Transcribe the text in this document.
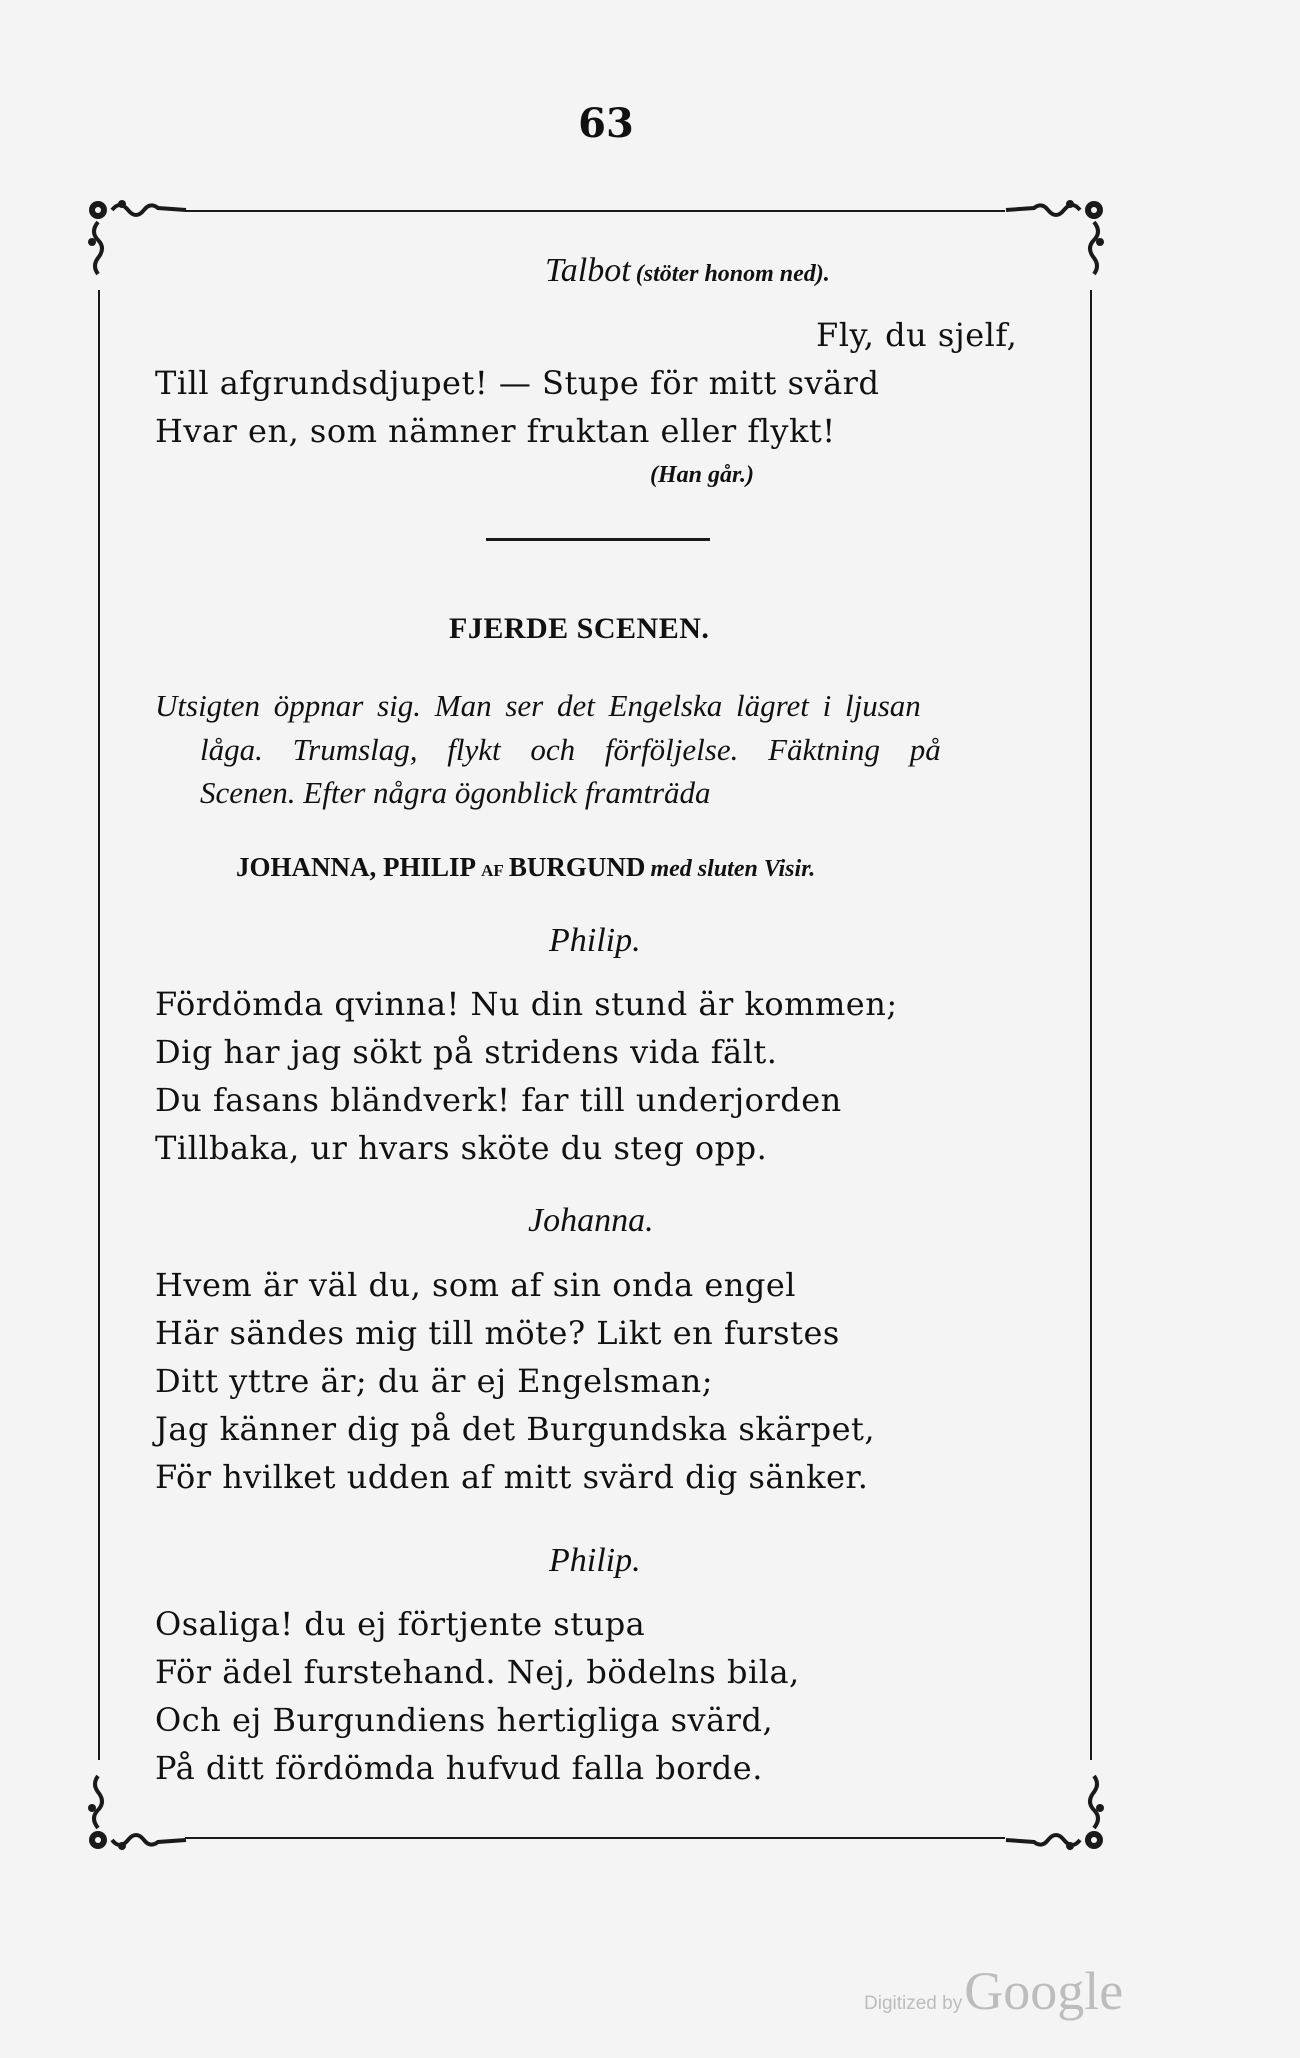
63
Talbot (stöter honom ned).
Fly, du sjelf,
Till afgrundsdjupet! — Stupe för mitt svärd
Hvar en, som nämner fruktan eller flykt!
(Han går.)
FJERDE SCENEN.
Utsigten öppnar sig. Man ser det Engelska lägret i ljusan
låga. Trumslag, flykt och förföljelse. Fäktning på
Scenen. Efter några ögonblick framträda
JOHANNA, PHILIP AF BURGUND med sluten Visir.
Philip.
Fördömda qvinna! Nu din stund är kommen;
Dig har jag sökt på stridens vida fält.
Du fasans bländverk! far till underjorden
Tillbaka, ur hvars sköte du steg opp.
Johanna.
Hvem är väl du, som af sin onda engel
Här sändes mig till möte? Likt en furstes
Ditt yttre är; du är ej Engelsman;
Jag känner dig på det Burgundska skärpet,
För hvilket udden af mitt svärd dig sänker.
Philip.
Osaliga! du ej förtjente stupa
För ädel furstehand. Nej, bödelns bila,
Och ej Burgundiens hertigliga svärd,
På ditt fördömda hufvud falla borde.
Digitized byGoogle
